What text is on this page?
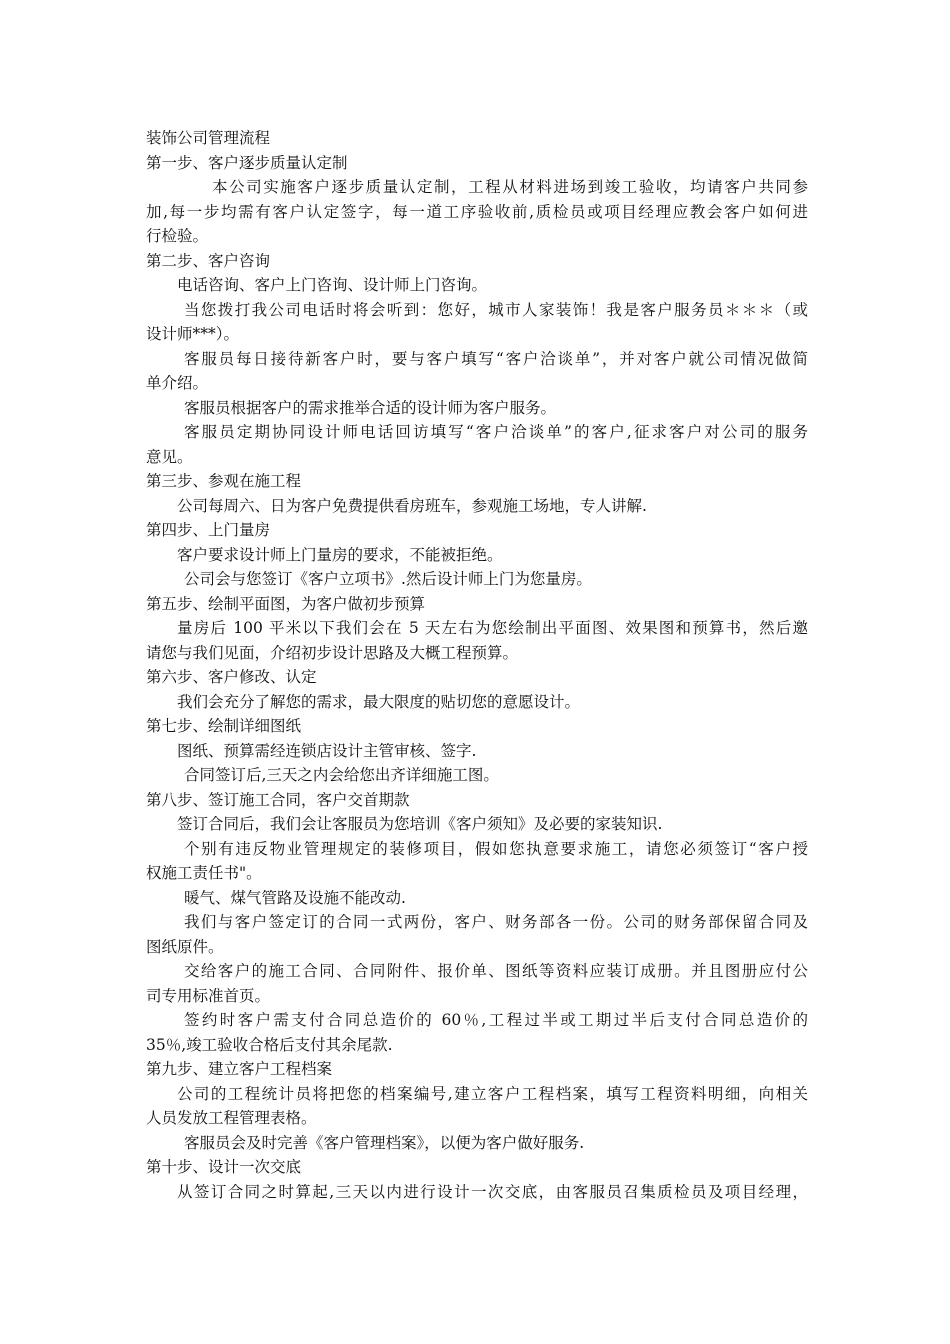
装饰公司管理流程
第一步、客户逐步质量认定制
本公司实施客户逐步质量认定制，工程从材料进场到竣工验收，均请客户共同参
加,每一步均需有客户认定签字，每一道工序验收前,质检员或项目经理应教会客户如何进
行检验。
第二步、客户咨询
电话咨询、客户上门咨询、设计师上门咨询。
当您拨打我公司电话时将会听到：您好，城市人家装饰！我是客户服务员＊＊＊（或
设计师***）。
客服员每日接待新客户时，要与客户填写“客户洽谈单”，并对客户就公司情况做简
单介绍。
客服员根据客户的需求推举合适的设计师为客户服务。
客服员定期协同设计师电话回访填写“客户洽谈单”的客户,征求客户对公司的服务
意见。
第三步、参观在施工程
公司每周六、日为客户免费提供看房班车，参观施工场地，专人讲解.
第四步、上门量房
客户要求设计师上门量房的要求，不能被拒绝。
公司会与您签订《客户立项书》.然后设计师上门为您量房。
第五步、绘制平面图，为客户做初步预算
量房后 100 平米以下我们会在 5 天左右为您绘制出平面图、效果图和预算书，然后邀
请您与我们见面，介绍初步设计思路及大概工程预算。
第六步、客户修改、认定
我们会充分了解您的需求，最大限度的贴切您的意愿设计。
第七步、绘制详细图纸
图纸、预算需经连锁店设计主管审核、签字.
合同签订后,三天之内会给您出齐详细施工图。
第八步、签订施工合同，客户交首期款
签订合同后，我们会让客服员为您培训《客户须知》及必要的家装知识.
个别有违反物业管理规定的装修项目，假如您执意要求施工，请您必须签订“客户授
权施工责任书"。
暖气、煤气管路及设施不能改动.
我们与客户签定订的合同一式两份，客户、财务部各一份。公司的财务部保留合同及
图纸原件。
交给客户的施工合同、合同附件、报价单、图纸等资料应装订成册。并且图册应付公
司专用标准首页。
签约时客户需支付合同总造价的 60％,工程过半或工期过半后支付合同总造价的
35％,竣工验收合格后支付其余尾款.
第九步、建立客户工程档案
公司的工程统计员将把您的档案编号,建立客户工程档案，填写工程资料明细，向相关
人员发放工程管理表格。
客服员会及时完善《客户管理档案》，以便为客户做好服务.
第十步、设计一次交底
从签订合同之时算起,三天以内进行设计一次交底，由客服员召集质检员及项目经理，
